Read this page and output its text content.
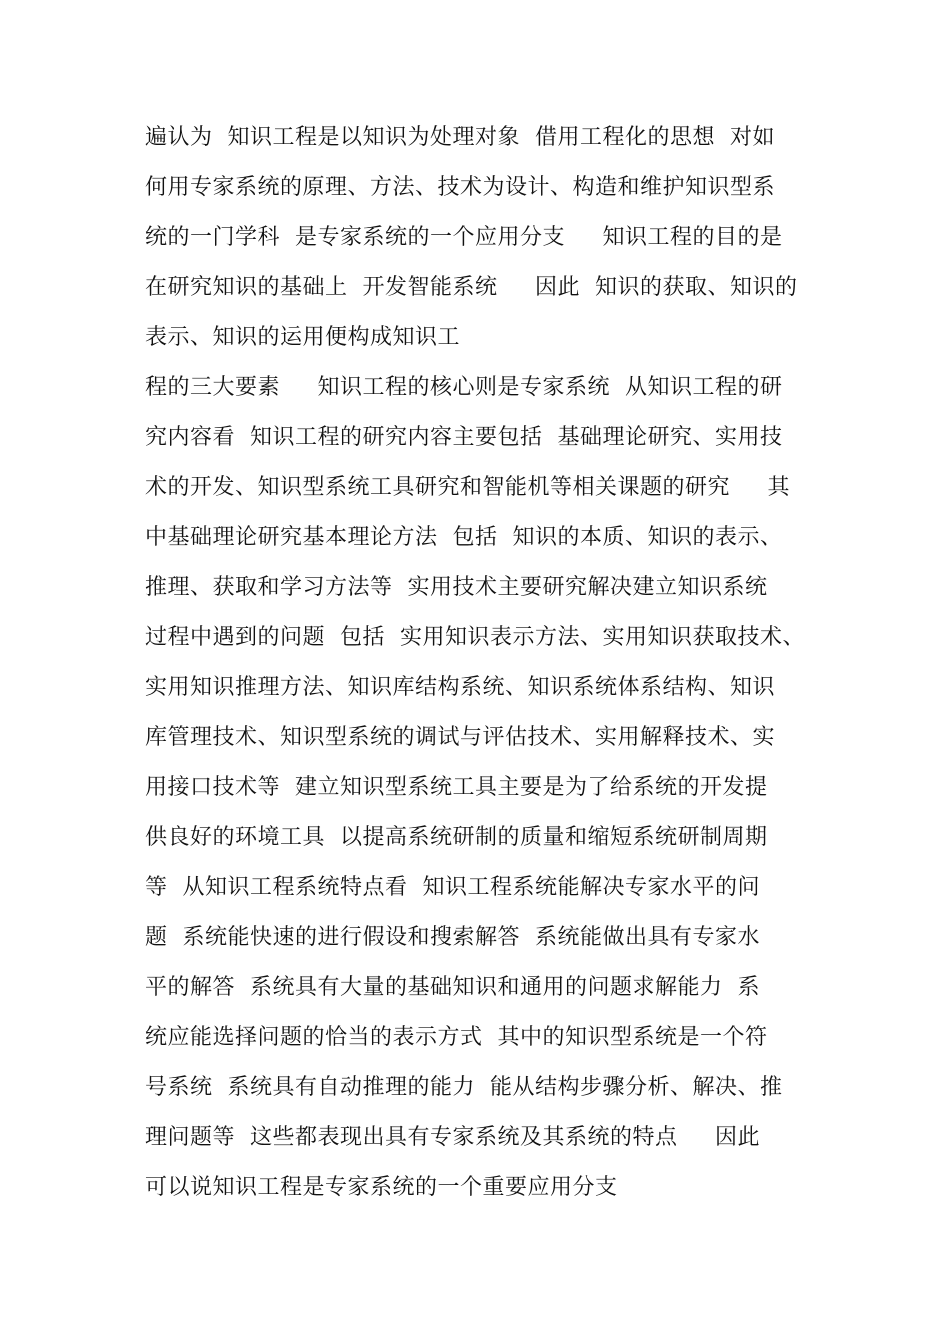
遍认为  知识工程是以知识为处理对象  借用工程化的思想  对如
何用专家系统的原理、方法、技术为设计、构造和维护知识型系
统的一门学科  是专家系统的一个应用分支     知识工程的目的是
在研究知识的基础上  开发智能系统     因此  知识的获取、知识的
表示、知识的运用便构成知识工
程的三大要素     知识工程的核心则是专家系统  从知识工程的研
究内容看  知识工程的研究内容主要包括  基础理论研究、实用技
术的开发、知识型系统工具研究和智能机等相关课题的研究     其
中基础理论研究基本理论方法  包括  知识的本质、知识的表示、
推理、获取和学习方法等  实用技术主要研究解决建立知识系统
过程中遇到的问题  包括  实用知识表示方法、实用知识获取技术、
实用知识推理方法、知识库结构系统、知识系统体系结构、知识
库管理技术、知识型系统的调试与评估技术、实用解释技术、实
用接口技术等  建立知识型系统工具主要是为了给系统的开发提
供良好的环境工具  以提高系统研制的质量和缩短系统研制周期
等  从知识工程系统特点看  知识工程系统能解决专家水平的问
题  系统能快速的进行假设和搜索解答  系统能做出具有专家水
平的解答  系统具有大量的基础知识和通用的问题求解能力  系
统应能选择问题的恰当的表示方式  其中的知识型系统是一个符
号系统  系统具有自动推理的能力  能从结构步骤分析、解决、推
理问题等  这些都表现出具有专家系统及其系统的特点     因此
可以说知识工程是专家系统的一个重要应用分支
